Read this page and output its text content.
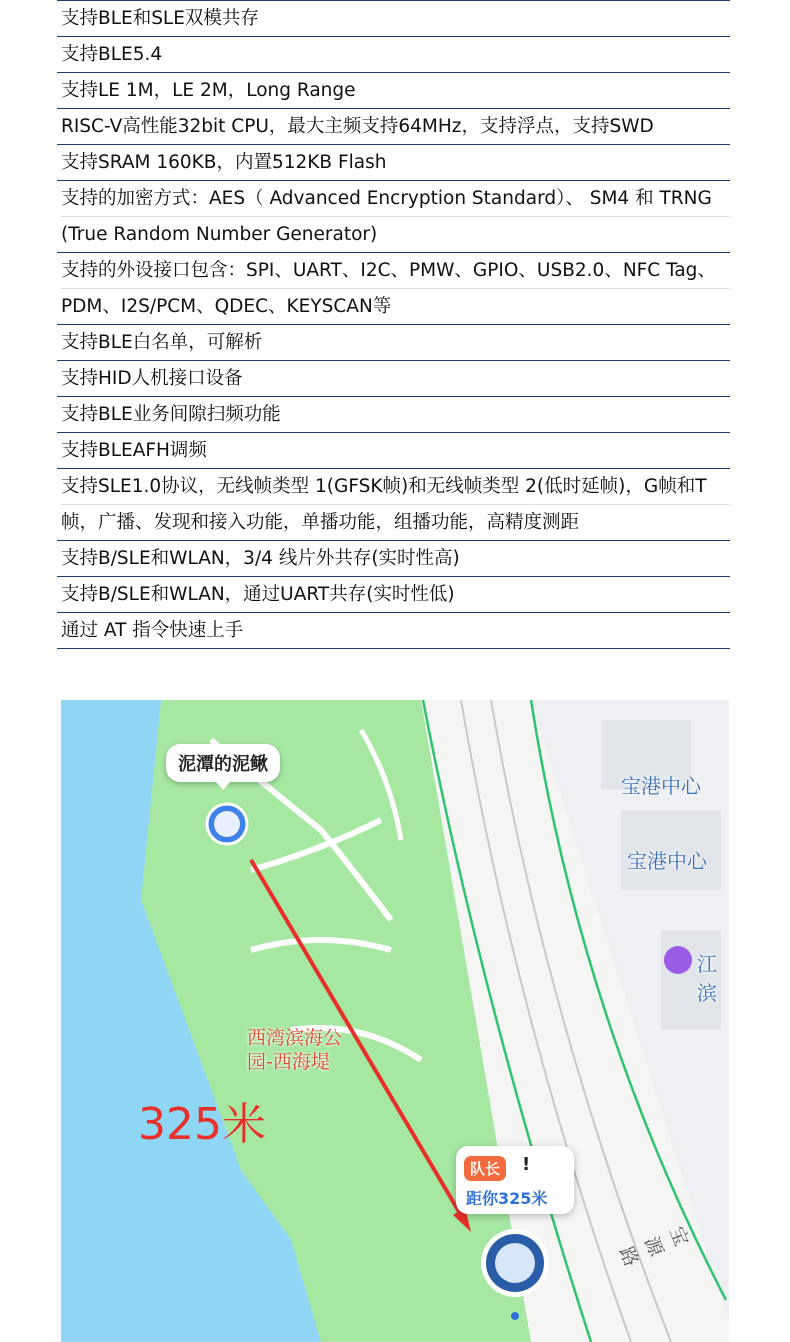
支持BLE和SLE双模共存
支持BLE5.4
支持LE 1M，LE 2M，Long Range
RISC-V高性能32bit CPU，最大主频支持64MHz，支持浮点，支持SWD
支持SRAM 160KB，内置512KB Flash
支持的加密方式：AES（ Advanced Encryption Standard）、 SM4 和 TRNG
(True Random Number Generator)
支持的外设接口包含：SPI、UART、I2C、PMW、GPIO、USB2.0、NFC Tag、
PDM、I2S/PCM、QDEC、KEYSCAN等
支持BLE白名单，可解析
支持HID人机接口设备
支持BLE业务间隙扫频功能
支持BLEAFH调频
支持SLE1.0协议，无线帧类型 1(GFSK帧)和无线帧类型 2(低时延帧)，G帧和T
帧，广播、发现和接入功能，单播功能，组播功能，高精度测距
支持B/SLE和WLAN，3/4 线片外共存(实时性高)
支持B/SLE和WLAN，通过UART共存(实时性低)
通过 AT 指令快速上手
泥潭的泥鳅
宝港中心
宝港中心
江滨
西湾滨海公
园-西海堤
325米
队长	!
距你325米
宝源路
